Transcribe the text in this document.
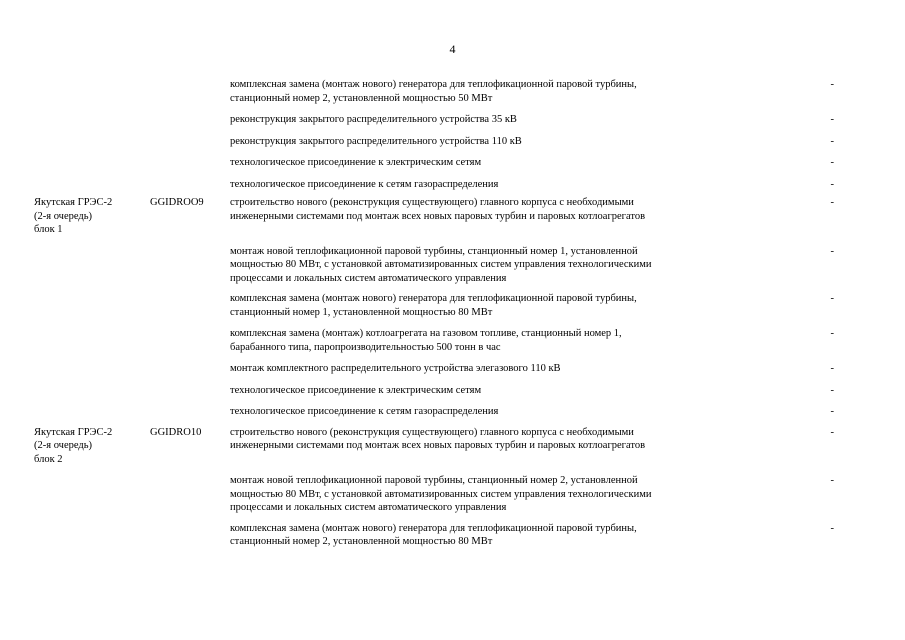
4
комплексная замена (монтаж нового) генератора для теплофикационной паровой турбины,
станционный номер 2, установленной мощностью 50 МВт
-
реконструкция закрытого распределительного устройства 35 кВ	-
реконструкция закрытого распределительного устройства 110 кВ	-
технологическое присоединение к электрическим сетям	-
технологическое присоединение к сетям газораспределения	-
Якутская ГРЭС-2
(2-я очередь)
блок 1
GGIDROO9	строительство нового (реконструкция существующего) главного корпуса с необходимыми
инженерными системами под монтаж всех новых паровых турбин и паровых котлоагрегатов
-
монтаж новой теплофикационной паровой турбины, станционный номер 1, установленной
мощностью 80 МВт, с установкой автоматизированных систем управления технологическими
процессами и локальных систем автоматического управления
-
комплексная замена (монтаж нового) генератора для теплофикационной паровой турбины,
станционный номер 1, установленной мощностью 80 МВт
-
комплексная замена (монтаж) котлоагрегата на газовом топливе, станционный номер 1,
барабанного типа, паропроизводительностью 500 тонн в час
-
монтаж комплектного распределительного устройства элегазового 110 кВ	-
технологическое присоединение к электрическим сетям	-
технологическое присоединение к сетям газораспределения	-
Якутская ГРЭС-2
(2-я очередь)
блок 2
GGIDRO10	строительство нового (реконструкция существующего) главного корпуса с необходимыми
инженерными системами под монтаж всех новых паровых турбин и паровых котлоагрегатов
-
монтаж новой теплофикационной паровой турбины, станционный номер 2, установленной
мощностью 80 МВт, с установкой автоматизированных систем управления технологическими
процессами и локальных систем автоматического управления
-
комплексная замена (монтаж нового) генератора для теплофикационной паровой турбины,
станционный номер 2, установленной мощностью 80 МВт
-
